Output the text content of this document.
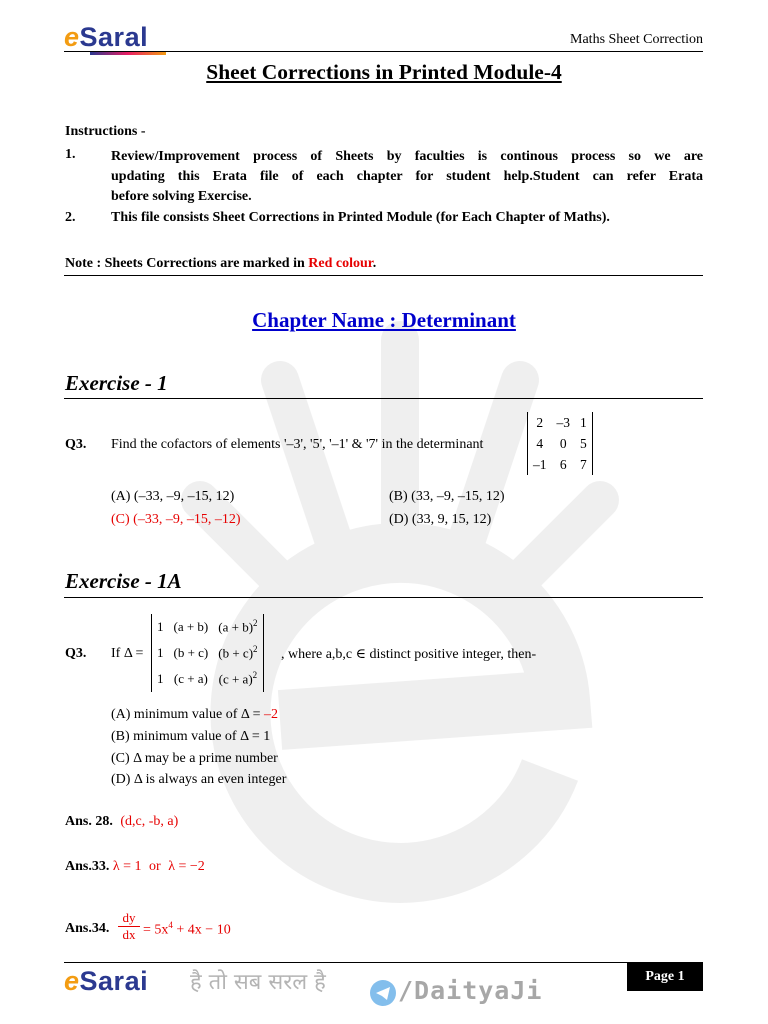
eSaral	Maths Sheet Correction
Sheet Corrections in Printed Module-4
Instructions -
1.	Review/Improvement process of Sheets by faculties is continous process so we are
updating this Erata file of each chapter for student help.Student can refer Erata
before solving Exercise.
2.	This file consists Sheet Corrections in Printed Module (for Each Chapter of Maths).
Note : Sheets Corrections are marked in Red colour.
Chapter Name : Determinant
Exercise - 1
Q3. Find the cofactors of elements '–3', '5', '–1' & '7' in the determinant
2	–3	1
4	0	5
–1	6	7
(A) (–33, –9, –15, 12)	(B) (33, –9, –15, 12)
(C) (–33, –9, –15, –12)	(D) (33, 9, 15, 12)
Exercise - 1A
Q3. If Δ =
1	(a + b)	$(a + b)^2$
1	(b + c)	$(b + c)^2$
1	(c + a)	$(c + a)^2$
, where a,b,c ∈ distinct positive integer, then-
(A) minimum value of Δ = –2
(B) minimum value of Δ = 1
(C) Δ may be a prime number
(D) Δ is always an even integer
Ans. 28. (d,c, -b, a)
Ans.33. λ = 1 or λ = −2
Ans.34. $\frac{dy}{dx} = 5x^4 + 4x - 10$
eSarai है तो सब सरल है	/DaityaJi	Page 1
